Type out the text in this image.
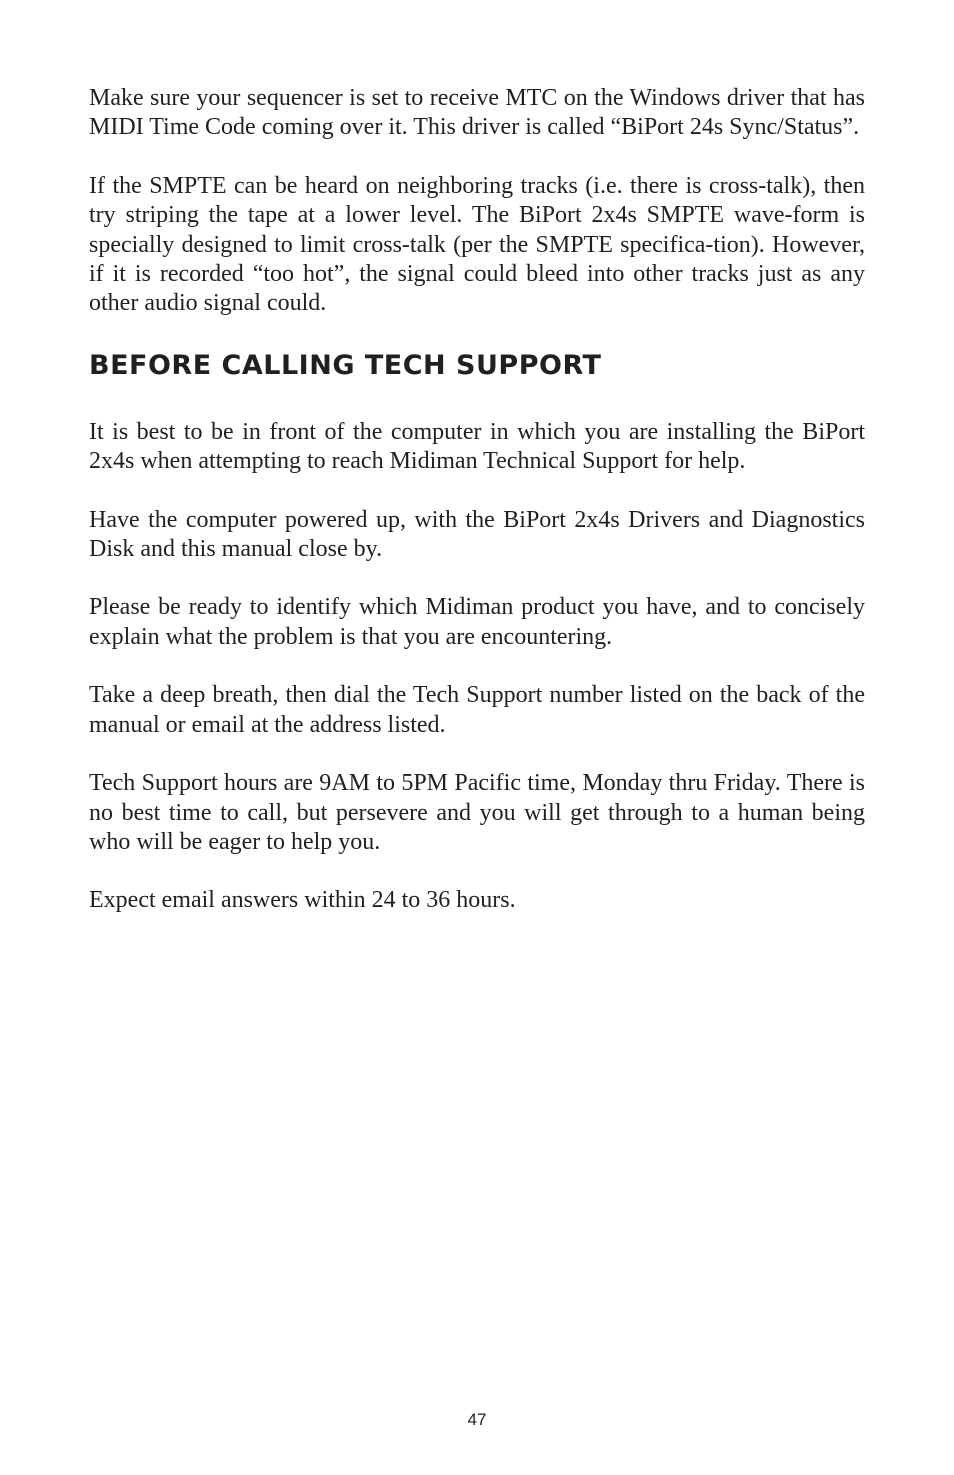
Make sure your sequencer is set to receive MTC on the Windows driver that has MIDI Time Code coming over it. This driver is called “BiPort 24s Sync/Status”.

If the SMPTE can be heard on neighboring tracks (i.e. there is cross-talk), then try striping the tape at a lower level. The BiPort 2x4s SMPTE wave-form is specially designed to limit cross-talk (per the SMPTE specifica-tion). However, if it is recorded “too hot”, the signal could bleed into other tracks just as any other audio signal could.

BEFORE CALLING TECH SUPPORT

It is best to be in front of the computer in which you are installing the BiPort 2x4s when attempting to reach Midiman Technical Support for help.

Have the computer powered up, with the BiPort 2x4s Drivers and Diagnostics Disk and this manual close by.

Please be ready to identify which Midiman product you have, and to concisely explain what the problem is that you are encountering.

Take a deep breath, then dial the Tech Support number listed on the back of the manual or email at the address listed.

Tech Support hours are 9AM to 5PM Pacific time, Monday thru Friday. There is no best time to call, but persevere and you will get through to a human being who will be eager to help you.

Expect email answers within 24 to 36 hours.

47
